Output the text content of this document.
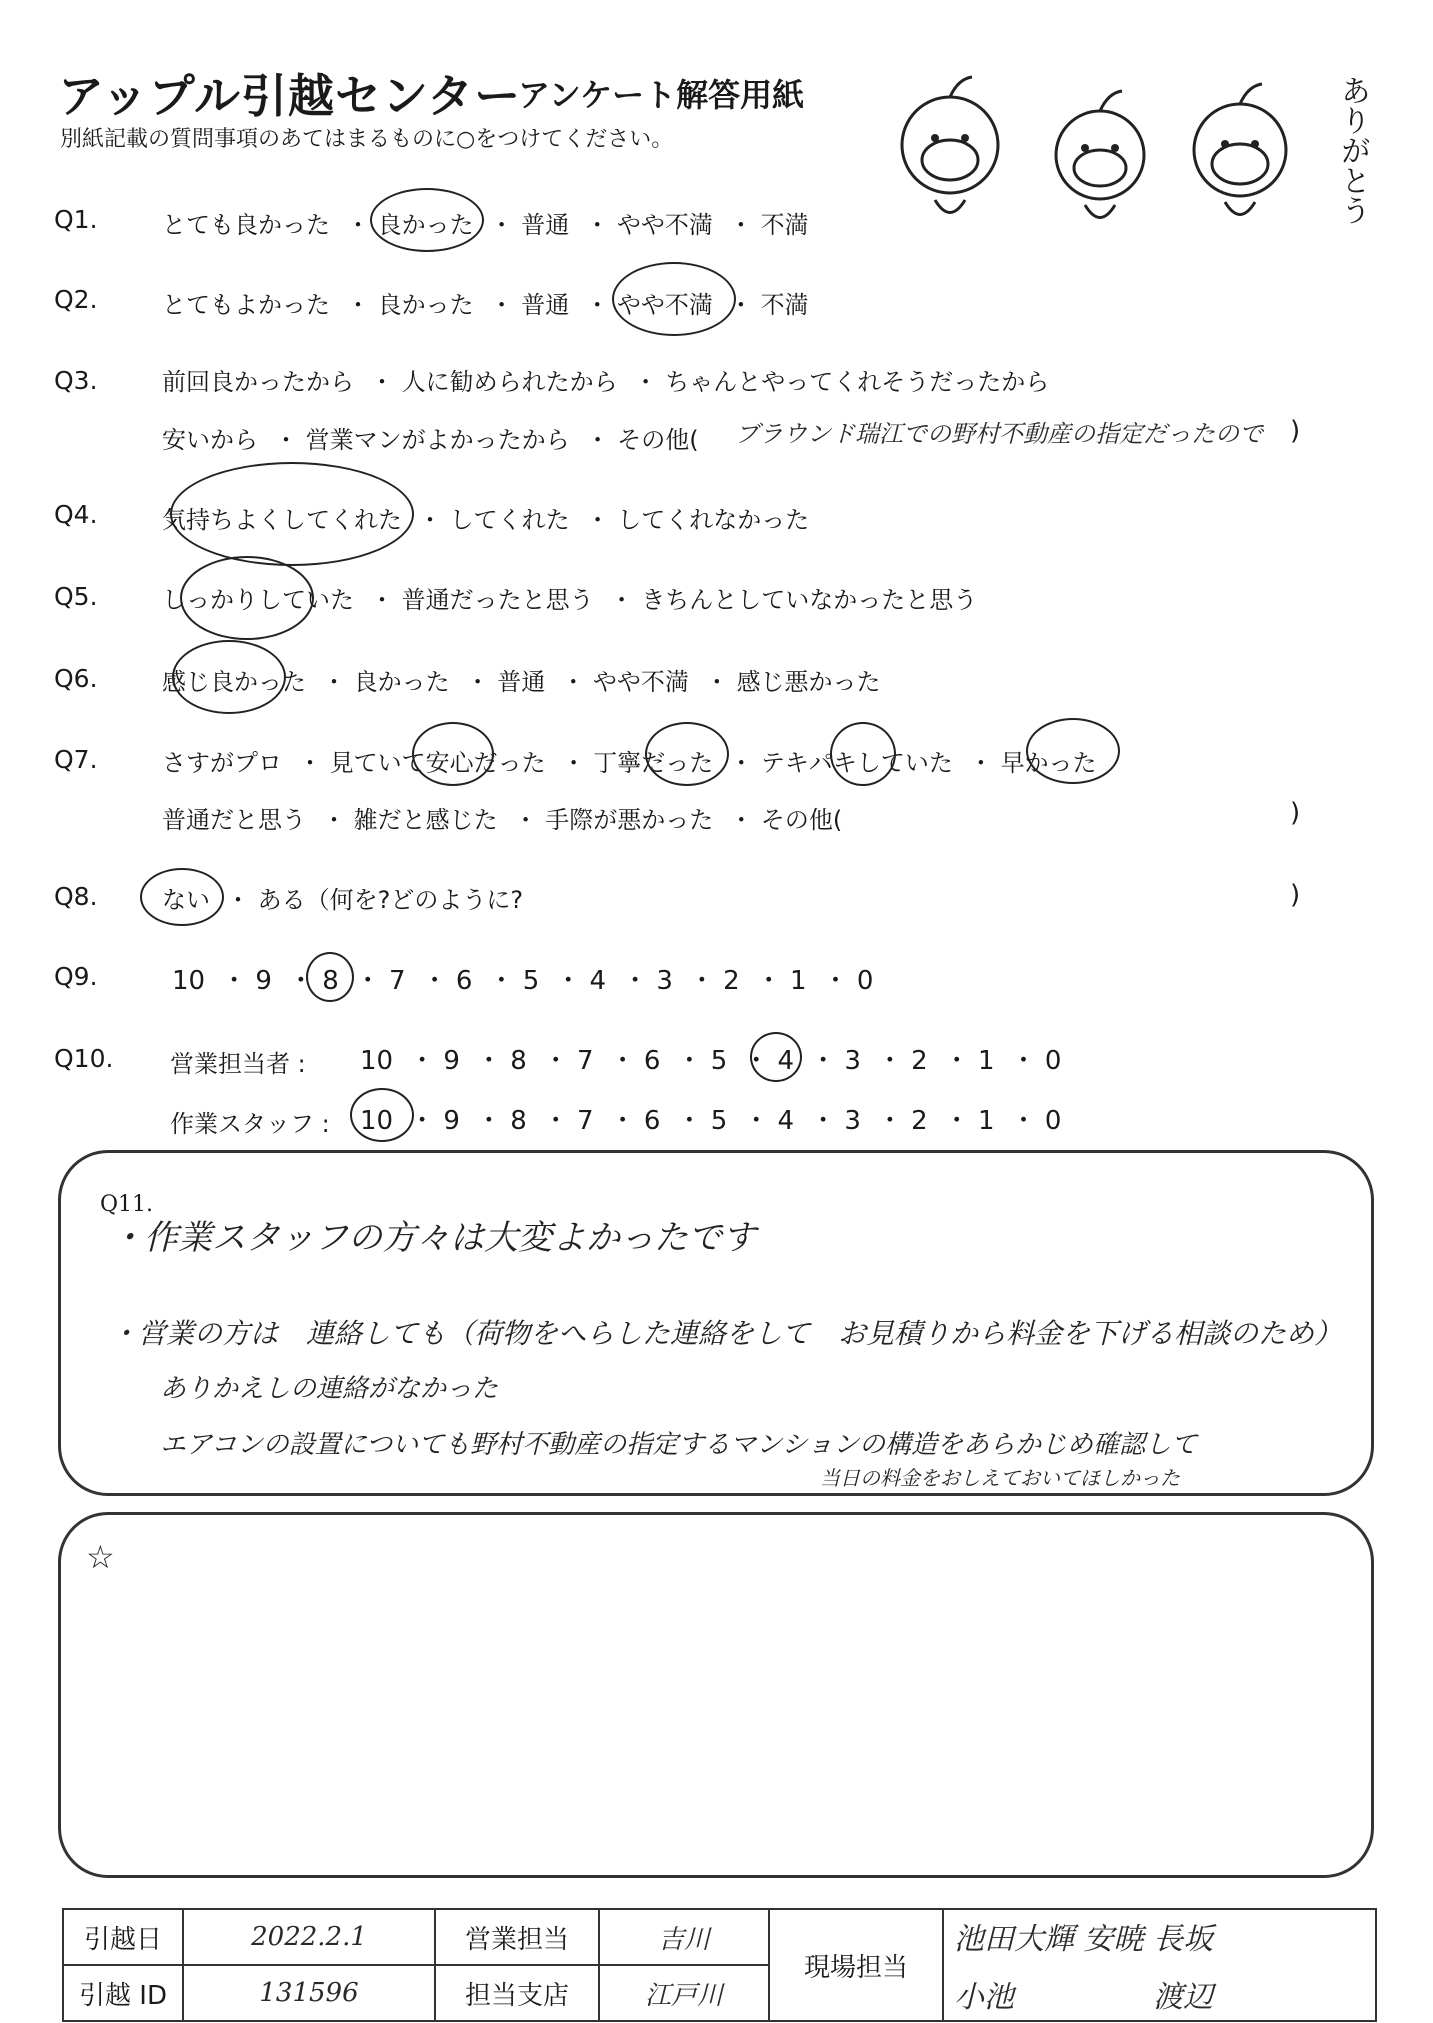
アップル引越センター
アンケート解答用紙
別紙記載の質問事項のあてはまるものに○をつけてください。	ありがとう
Q1.	とても良かった ・ 良かった ・ 普通 ・ やや不満 ・ 不満
Q2.	とてもよかった ・ 良かった ・ 普通 ・ やや不満 ・ 不満
Q3.	前回良かったから ・ 人に勧められたから ・ ちゃんとやってくれそうだったから
安いから ・ 営業マンがよかったから ・ その他( ブラウンド瑞江での野村不動産の指定だったので )
Q4.	気持ちよくしてくれた ・ してくれた ・ してくれなかった
Q5.	しっかりしていた ・ 普通だったと思う ・ きちんとしていなかったと思う
Q6.	感じ良かった ・ 良かった ・ 普通 ・ やや不満 ・ 感じ悪かった
Q7.	さすがプロ ・ 見ていて安心だった ・ 丁寧だった ・ テキパキしていた ・ 早かった
普通だと思う ・ 雑だと感じた ・ 手際が悪かった ・ その他(	)
Q8.	ない ・ ある（何を?どのように?	)
Q9.	10 ・ 9 ・ 8 ・ 7 ・ 6 ・ 5 ・ 4 ・ 3 ・ 2 ・ 1 ・ 0
Q10. 営業担当者 : 10 ・ 9 ・ 8 ・ 7 ・ 6 ・ 5 ・ 4 ・ 3 ・ 2 ・ 1 ・ 0
作業スタッフ : 10 ・ 9 ・ 8 ・ 7 ・ 6 ・ 5 ・ 4 ・ 3 ・ 2 ・ 1 ・ 0
Q11.
・作業スタッフの方々は大変よかったです
・営業の方は　連絡しても（荷物をへらした連絡をして　お見積りから料金を下げる相談のため）
ありかえしの連絡がなかった
エアコンの設置についても野村不動産の指定するマンションの構造をあらかじめ確認して
当日の料金をおしえておいてほしかった
☆
引越日	2022.2.1	営業担当	吉川	現場担当	池田大輝 安暁 長坂
小池 渡辺

引越 ID	131596	担当支店	江戸川		
